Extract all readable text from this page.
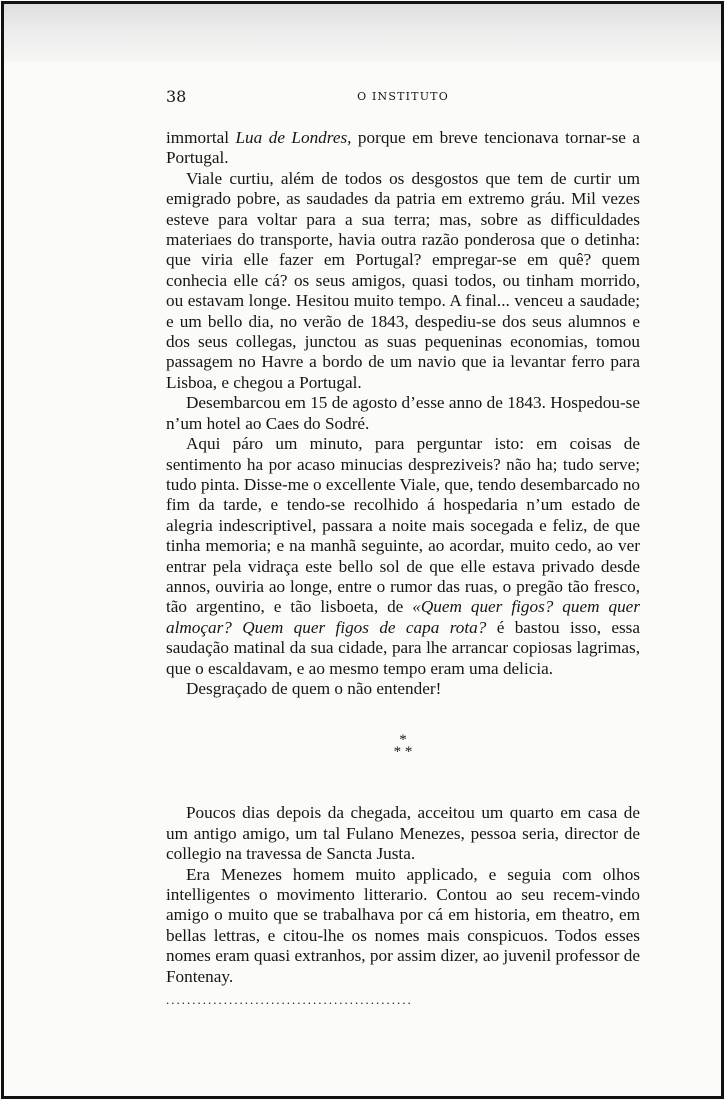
38	O INSTITUTO

immortal Lua de Londres, porque em breve tencionava tornar-se a Portugal.

Viale curtiu, além de todos os desgostos que tem de curtir um emigrado pobre, as saudades da patria em extremo gráu. Mil vezes esteve para voltar para a sua terra; mas, sobre as difficuldades materiaes do transporte, havia outra razão ponderosa que o detinha: que viria elle fazer em Portugal? empregar-se em quê? quem conhecia elle cá? os seus amigos, quasi todos, ou tinham morrido, ou estavam longe. Hesitou muito tempo. A final... venceu a saudade; e um bello dia, no verão de 1843, despediu-se dos seus alumnos e dos seus collegas, junctou as suas pequeninas economias, tomou passagem no Havre a bordo de um navio que ia levantar ferro para Lisboa, e chegou a Portugal.

Desembarcou em 15 de agosto d’esse anno de 1843. Hospedou-se n’um hotel ao Caes do Sodré.

Aqui páro um minuto, para perguntar isto: em coisas de sentimento ha por acaso minucias despreziveis? não ha; tudo serve; tudo pinta. Disse-me o excellente Viale, que, tendo desembarcado no fim da tarde, e tendo-se recolhido á hospedaria n’um estado de alegria indescriptivel, passara a noite mais socegada e feliz, de que tinha memoria; e na manhã seguinte, ao acordar, muito cedo, ao ver entrar pela vidraça este bello sol de que elle estava privado desde annos, ouviria ao longe, entre o rumor das ruas, o pregão tão fresco, tão argentino, e tão lisboeta, de «Quem quer figos? quem quer almoçar? Quem quer figos de capa rota? é bastou isso, essa saudação matinal da sua cidade, para lhe arrancar copiosas lagrimas, que o escaldavam, e ao mesmo tempo eram uma delicia.

Desgraçado de quem o não entender!

*
* *

Poucos dias depois da chegada, acceitou um quarto em casa de um antigo amigo, um tal Fulano Menezes, pessoa seria, director de collegio na travessa de Sancta Justa.

Era Menezes homem muito applicado, e seguia com olhos intelligentes o movimento litterario. Contou ao seu recem-vindo amigo o muito que se trabalhava por cá em historia, em theatro, em bellas lettras, e citou-lhe os nomes mais conspicuos. Todos esses nomes eram quasi extranhos, por assim dizer, ao juvenil professor de Fontenay.

...............................................
